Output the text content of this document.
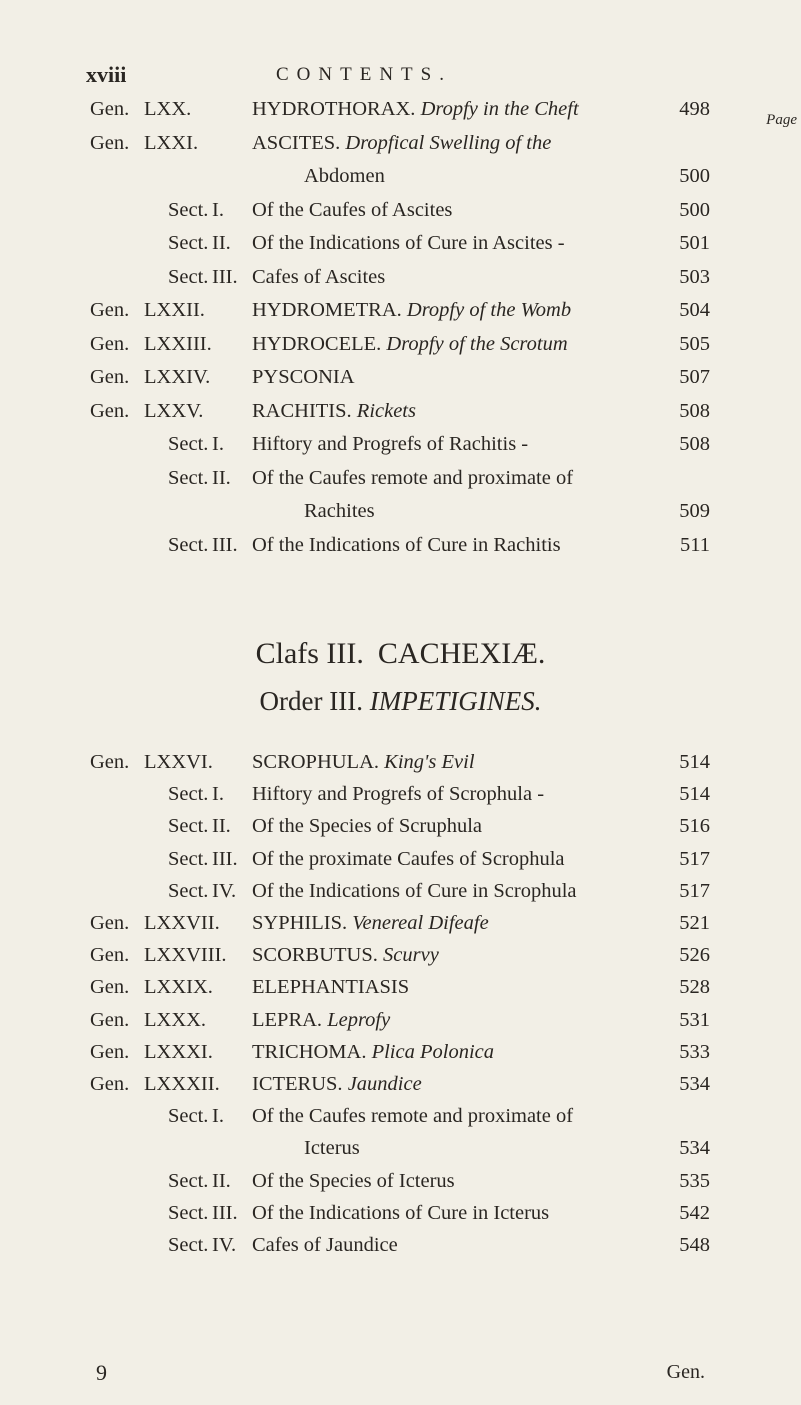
xviii	CONTENTS.
Page
Gen. LXX.	HYDROTHORAX. Dropfy in the Cheft	498
Gen. LXXI.	ASCITES. Dropfical Swelling of the
Abdomen	500
Sect. I. Of the Caufes of Ascites	500
Sect. II. Of the Indications of Cure in Ascites -	501
Sect. III. Cafes of Ascites	503
Gen. LXXII. HYDROMETRA. Dropfy of the Womb	504
Gen. LXXIII. HYDROCELE. Dropfy of the Scrotum	505
Gen. LXXIV. PYSCONIA	507
Gen. LXXV. RACHITIS. Rickets	508
Sect. I. Hiftory and Progrefs of Rachitis -	508
Sect. II. Of the Caufes remote and proximate of
Rachites	509
Sect. III. Of the Indications of Cure in Rachitis	511
Clafs III. CACHEXIÆ.
Order III. IMPETIGINES.
Gen. LXXVI. SCROPHULA. King's Evil	514
Sect. I. Hiftory and Progrefs of Scrophula -	514
Sect. II. Of the Species of Scruphula	516
Sect. III. Of the proximate Caufes of Scrophula	517
Sect. IV. Of the Indications of Cure in Scrophula	517
Gen. LXXVII. SYPHILIS. Venereal Difeafe	521
Gen. LXXVIII. SCORBUTUS. Scurvy	526
Gen. LXXIX. ELEPHANTIASIS	528
Gen. LXXX. LEPRA. Leprofy	531
Gen. LXXXI. TRICHOMA. Plica Polonica	533
Gen. LXXXII. ICTERUS. Jaundice	534
Sect. I. Of the Caufes remote and proximate of
Icterus	534
Sect. II. Of the Species of Icterus	535
Sect. III. Of the Indications of Cure in Icterus	542
Sect. IV. Cafes of Jaundice	548
9	Gen.
